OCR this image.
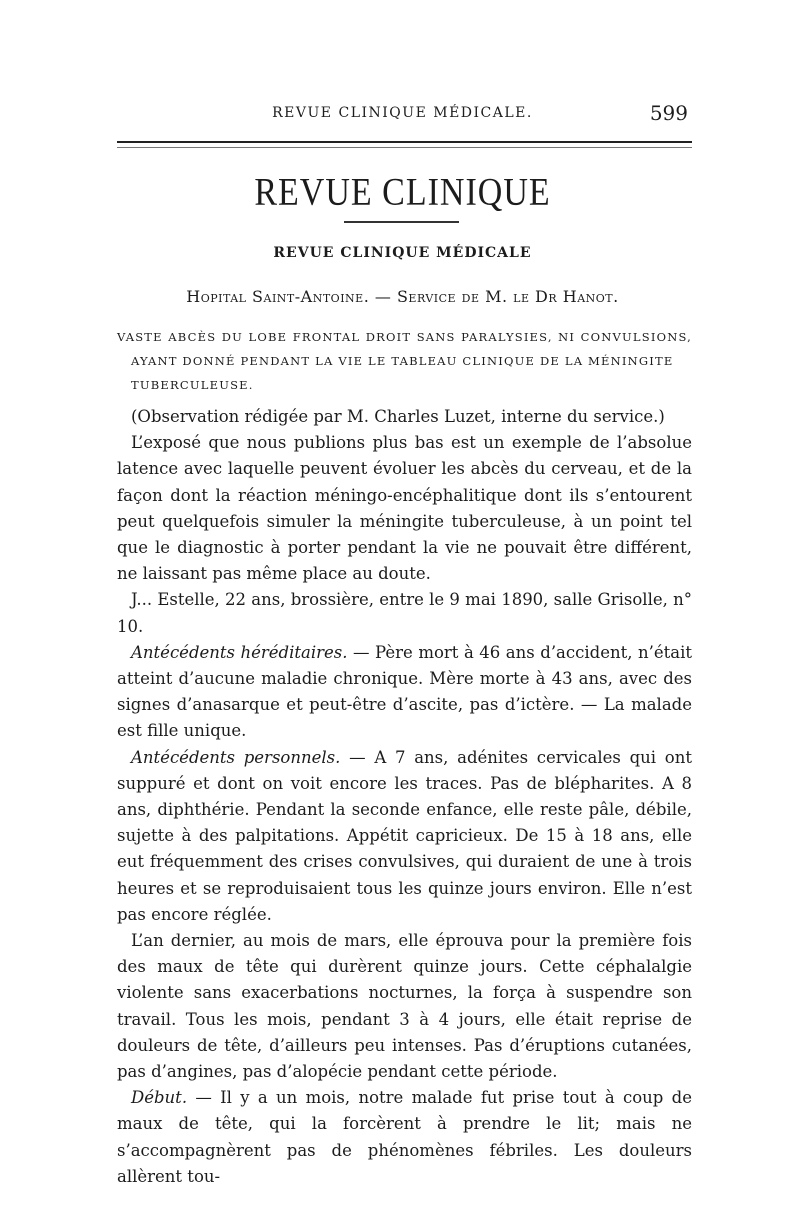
REVUE CLINIQUE MÉDICALE.	599
REVUE CLINIQUE
REVUE CLINIQUE MÉDICALE
Hopital Saint-Antoine. — Service de M. le Dr Hanot.
VASTE ABCÈS DU LOBE FRONTAL DROIT SANS PARALYSIES, NI CONVULSIONS,
AYANT DONNÉ PENDANT LA VIE LE TABLEAU CLINIQUE DE LA MÉNINGITE
TUBERCULEUSE.

(Observation rédigée par M. Charles Luzet, interne du service.)

L’exposé que nous publions plus bas est un exemple de l’absolue latence avec laquelle peuvent évoluer les abcès du cerveau, et de la façon dont la réaction méningo-encéphalitique dont ils s’entourent peut quelquefois simuler la méningite tuberculeuse, à un point tel que le diagnostic à porter pendant la vie ne pouvait être différent, ne laissant pas même place au doute.

J... Estelle, 22 ans, brossière, entre le 9 mai 1890, salle Grisolle, n° 10.

Antécédents héréditaires. — Père mort à 46 ans d’accident, n’était atteint d’aucune maladie chronique. Mère morte à 43 ans, avec des signes d’anasarque et peut-être d’ascite, pas d’ictère. — La malade est fille unique.

Antécédents personnels. — A 7 ans, adénites cervicales qui ont suppuré et dont on voit encore les traces. Pas de blépharites. A 8 ans, diphthérie. Pendant la seconde enfance, elle reste pâle, débile, sujette à des palpitations. Appétit capricieux. De 15 à 18 ans, elle eut fréquemment des crises convulsives, qui duraient de une à trois heures et se reproduisaient tous les quinze jours environ. Elle n’est pas encore réglée.

L’an dernier, au mois de mars, elle éprouva pour la première fois des maux de tête qui durèrent quinze jours. Cette céphalalgie violente sans exacerbations nocturnes, la força à suspendre son travail. Tous les mois, pendant 3 à 4 jours, elle était reprise de douleurs de tête, d’ailleurs peu intenses. Pas d’éruptions cutanées, pas d’angines, pas d’alopécie pendant cette période.

Début. — Il y a un mois, notre malade fut prise tout à coup de maux de tête, qui la forcèrent à prendre le lit; mais ne s’accompagnèrent pas de phénomènes fébriles. Les douleurs allèrent tou-
